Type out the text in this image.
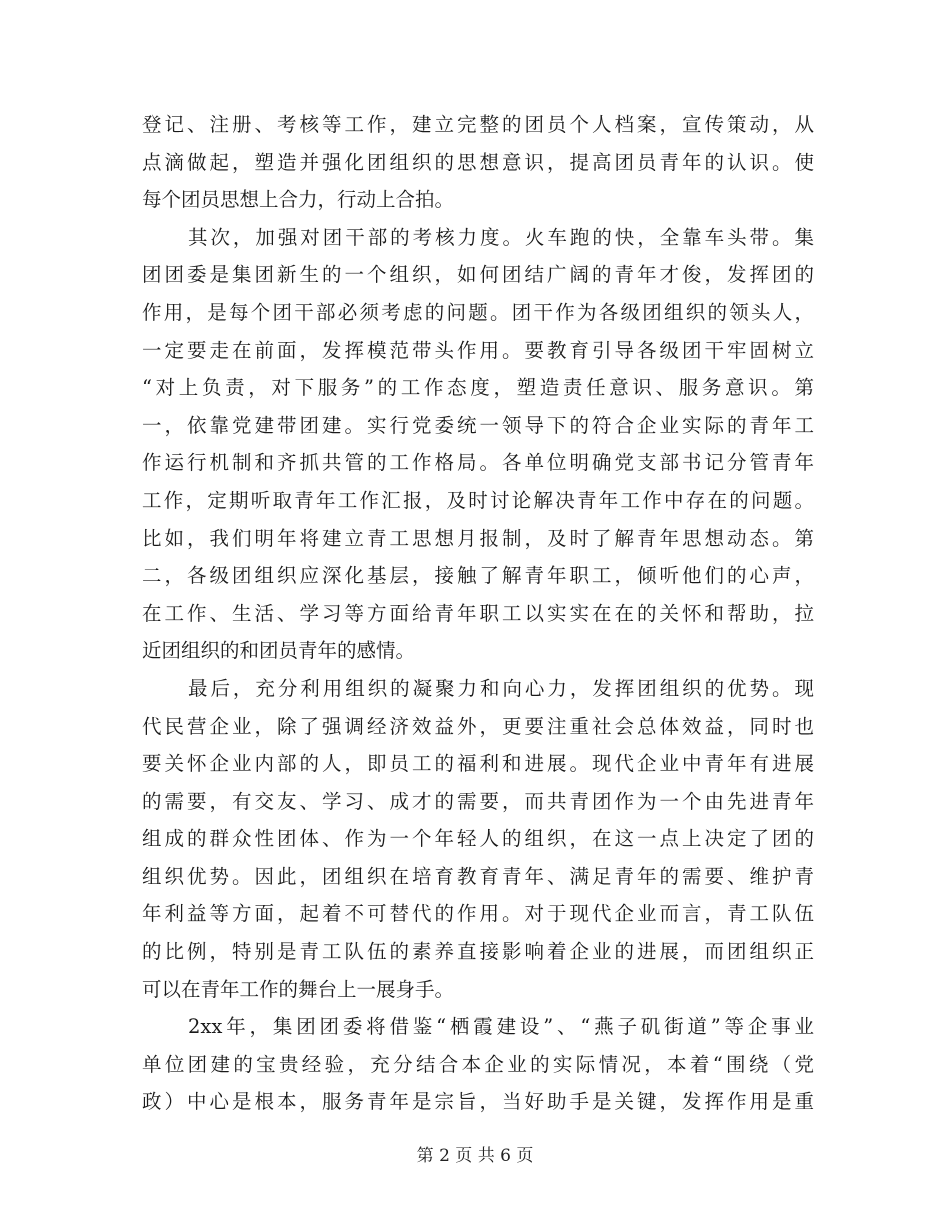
登记、注册、考核等工作，建立完整的团员个人档案，宣传策动，从
点滴做起，塑造并强化团组织的思想意识，提高团员青年的认识。使
每个团员思想上合力，行动上合拍。
其次，加强对团干部的考核力度。火车跑的快，全靠车头带。集
团团委是集团新生的一个组织，如何团结广阔的青年才俊，发挥团的
作用，是每个团干部必须考虑的问题。团干作为各级团组织的领头人，
一定要走在前面，发挥模范带头作用。要教育引导各级团干牢固树立
“对上负责，对下服务”的工作态度，塑造责任意识、服务意识。第
一，依靠党建带团建。实行党委统一领导下的符合企业实际的青年工
作运行机制和齐抓共管的工作格局。各单位明确党支部书记分管青年
工作，定期听取青年工作汇报，及时讨论解决青年工作中存在的问题。
比如，我们明年将建立青工思想月报制，及时了解青年思想动态。第
二，各级团组织应深化基层，接触了解青年职工，倾听他们的心声，
在工作、生活、学习等方面给青年职工以实实在在的关怀和帮助，拉
近团组织的和团员青年的感情。
最后，充分利用组织的凝聚力和向心力，发挥团组织的优势。现
代民营企业，除了强调经济效益外，更要注重社会总体效益，同时也
要关怀企业内部的人，即员工的福利和进展。现代企业中青年有进展
的需要，有交友、学习、成才的需要，而共青团作为一个由先进青年
组成的群众性团体、作为一个年轻人的组织，在这一点上决定了团的
组织优势。因此，团组织在培育教育青年、满足青年的需要、维护青
年利益等方面，起着不可替代的作用。对于现代企业而言，青工队伍
的比例，特别是青工队伍的素养直接影响着企业的进展，而团组织正
可以在青年工作的舞台上一展身手。
2xx年，集团团委将借鉴“栖霞建设”、“燕子矶街道”等企事业
单位团建的宝贵经验，充分结合本企业的实际情况，本着“围绕（党
政）中心是根本，服务青年是宗旨，当好助手是关键，发挥作用是重
第 2 页 共 6 页
